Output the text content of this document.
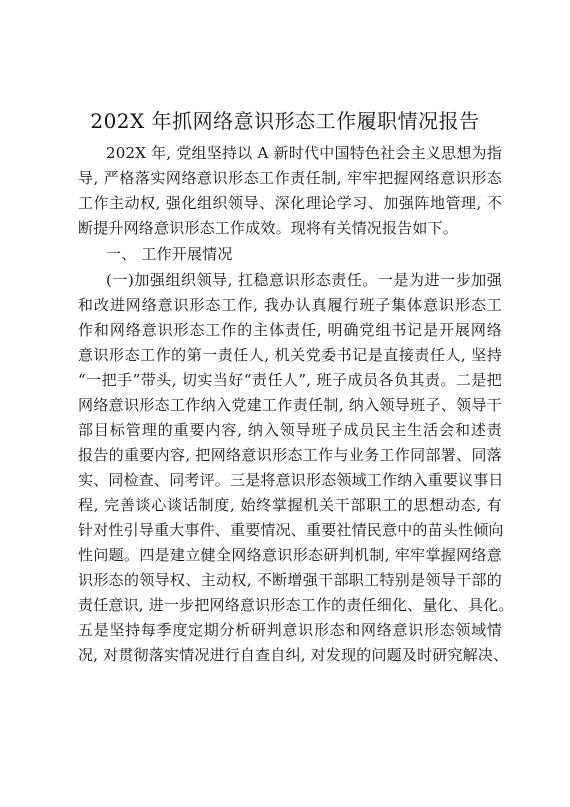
202X 年抓网络意识形态工作履职情况报告
202X 年, 党组坚持以 A 新时代中国特色社会主义思想为指
导, 严格落实网络意识形态工作责任制, 牢牢把握网络意识形态
工作主动权, 强化组织领导、深化理论学习、加强阵地管理, 不
断提升网络意识形态工作成效。现将有关情况报告如下。
一、 工作开展情况
(一)加强组织领导, 扛稳意识形态责任。一是为进一步加强
和改进网络意识形态工作, 我办认真履行班子集体意识形态工
作和网络意识形态工作的主体责任, 明确党组书记是开展网络
意识形态工作的第一责任人, 机关党委书记是直接责任人, 坚持
“一把手”带头, 切实当好“责任人”, 班子成员各负其责。二是把
网络意识形态工作纳入党建工作责任制, 纳入领导班子、领导干
部目标管理的重要内容, 纳入领导班子成员民主生活会和述责
报告的重要内容, 把网络意识形态工作与业务工作同部署、同落
实、同检查、同考评。三是将意识形态领域工作纳入重要议事日
程, 完善谈心谈话制度, 始终掌握机关干部职工的思想动态, 有
针对性引导重大事件、重要情况、重要社情民意中的苗头性倾向
性问题。四是建立健全网络意识形态研判机制, 牢牢掌握网络意
识形态的领导权、主动权, 不断增强干部职工特别是领导干部的
责任意识, 进一步把网络意识形态工作的责任细化、量化、具化。
五是坚持每季度定期分析研判意识形态和网络意识形态领域情
况, 对贯彻落实情况进行自查自纠, 对发现的问题及时研究解决、
